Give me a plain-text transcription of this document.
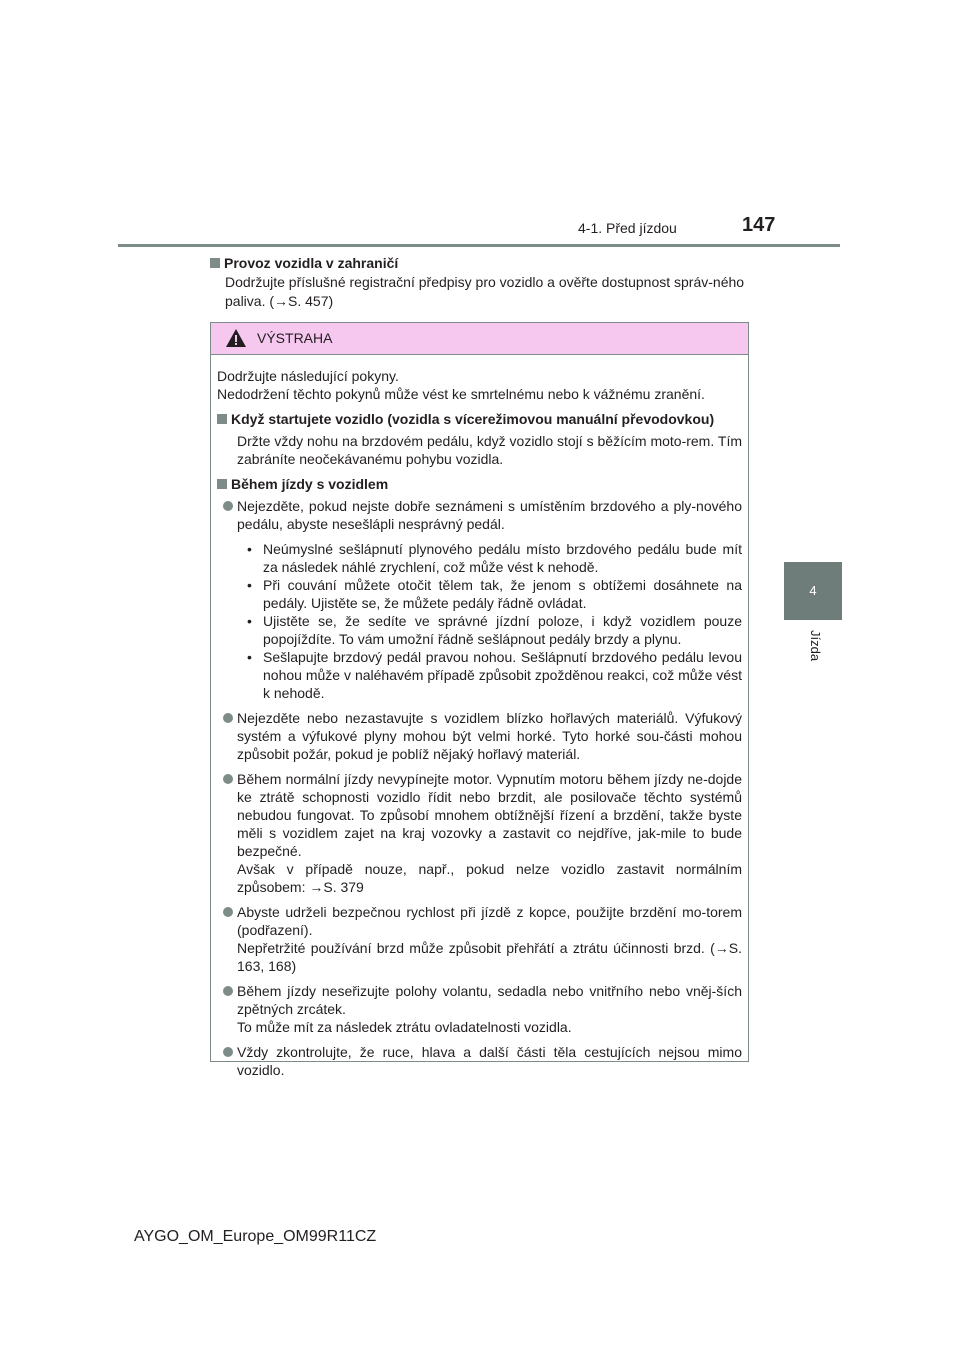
4-1. Před jízdou	147
4
Jízda
Provoz vozidla v zahraničí
Dodržujte příslušné registrační předpisy pro vozidlo a ověřte dostupnost správ-ného paliva. (→S. 457)
VÝSTRAHA
Dodržujte následující pokyny.
Nedodržení těchto pokynů může vést ke smrtelnému nebo k vážnému zranění.
Když startujete vozidlo (vozidla s vícerežimovou manuální převodovkou)
Držte vždy nohu na brzdovém pedálu, když vozidlo stojí s běžícím moto-rem. Tím zabráníte neočekávanému pohybu vozidla.
Během jízdy s vozidlem
Nejezděte, pokud nejste dobře seznámeni s umístěním brzdového a ply-nového pedálu, abyste nesešlápli nesprávný pedál.
• Neúmyslné sešlápnutí plynového pedálu místo brzdového pedálu bude mít za následek náhlé zrychlení, což může vést k nehodě.
• Při couvání můžete otočit tělem tak, že jenom s obtížemi dosáhnete na pedály. Ujistěte se, že můžete pedály řádně ovládat.
• Ujistěte se, že sedíte ve správné jízdní poloze, i když vozidlem pouze popojíždíte. To vám umožní řádně sešlápnout pedály brzdy a plynu.
• Sešlapujte brzdový pedál pravou nohou. Sešlápnutí brzdového pedálu levou nohou může v naléhavém případě způsobit zpožděnou reakci, což může vést k nehodě.
Nejezděte nebo nezastavujte s vozidlem blízko hořlavých materiálů. Výfukový systém a výfukové plyny mohou být velmi horké. Tyto horké sou-části mohou způsobit požár, pokud je poblíž nějaký hořlavý materiál.
Během normální jízdy nevypínejte motor. Vypnutím motoru během jízdy ne-dojde ke ztrátě schopnosti vozidlo řídit nebo brzdit, ale posilovače těchto systémů nebudou fungovat. To způsobí mnohem obtížnější řízení a brzdění, takže byste měli s vozidlem zajet na kraj vozovky a zastavit co nejdříve, jak-mile to bude bezpečné.
Avšak v případě nouze, např., pokud nelze vozidlo zastavit normálním způsobem: →S. 379
Abyste udrželi bezpečnou rychlost při jízdě z kopce, použijte brzdění mo-torem (podřazení).
Nepřetržité používání brzd může způsobit přehřátí a ztrátu účinnosti brzd. (→S. 163, 168)
Během jízdy neseřizujte polohy volantu, sedadla nebo vnitřního nebo vněj-ších zpětných zrcátek.
To může mít za následek ztrátu ovladatelnosti vozidla.
Vždy zkontrolujte, že ruce, hlava a další části těla cestujících nejsou mimo vozidlo.
AYGO_OM_Europe_OM99R11CZ
